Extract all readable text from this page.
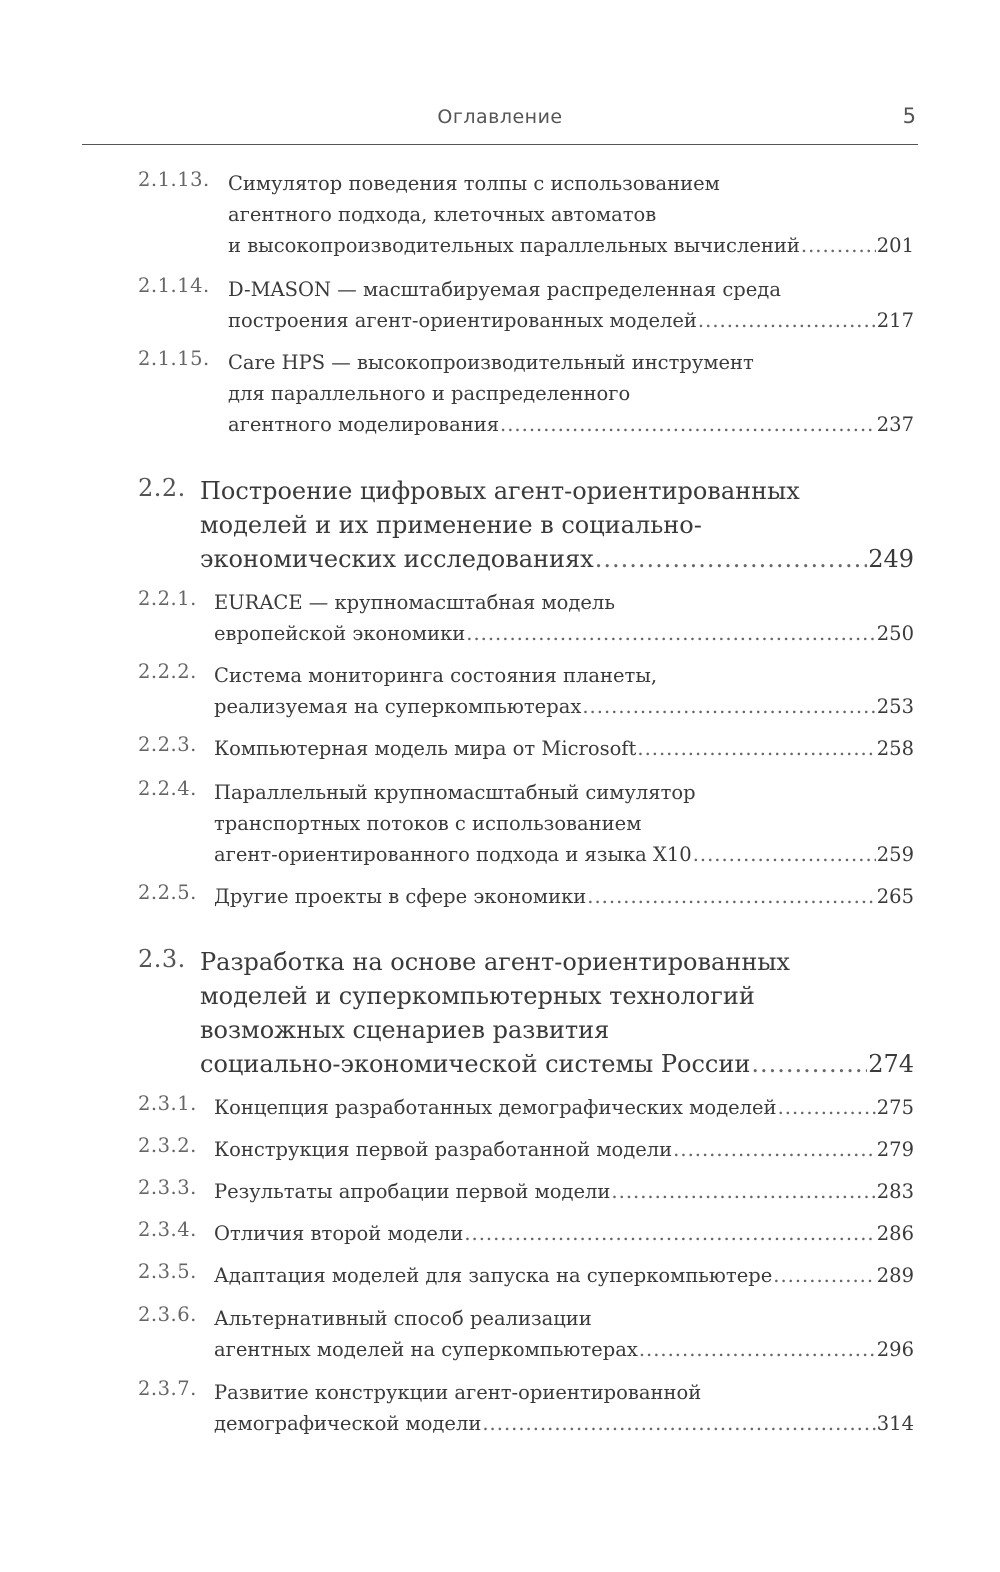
Оглавление	5
2.1.13. Симулятор поведения толпы с использованием
агентного подхода, клеточных автоматов
и высокопроизводительных параллельных вычислений .....	201
2.1.14. D-MASON — масштабируемая распределенная среда
построения агент-ориентированных моделей .....	217
2.1.15. Care HPS — высокопроизводительный инструмент
для параллельного и распределенного
агентного моделирования .....	237
2.2. Построение цифровых агент-ориентированных
моделей и их применение в социально-
экономических исследованиях .....	249
2.2.1. EURACE — крупномасштабная модель
европейской экономики .....	250
2.2.2. Система мониторинга состояния планеты,
реализуемая на суперкомпьютерах .....	253
2.2.3. Компьютерная модель мира от Microsoft .....	258
2.2.4. Параллельный крупномасштабный симулятор
транспортных потоков с использованием
агент-ориентированного подхода и языка X10 .....	259
2.2.5. Другие проекты в сфере экономики .....	265
2.3. Разработка на основе агент-ориентированных
моделей и суперкомпьютерных технологий
возможных сценариев развития
социально-экономической системы России .....	274
2.3.1. Концепция разработанных демографических моделей .....	275
2.3.2. Конструкция первой разработанной модели .....	279
2.3.3. Результаты апробации первой модели .....	283
2.3.4. Отличия второй модели .....	286
2.3.5. Адаптация моделей для запуска на суперкомпьютере .....	289
2.3.6. Альтернативный способ реализации
агентных моделей на суперкомпьютерах .....	296
2.3.7. Развитие конструкции агент-ориентированной
демографической модели .....	314
